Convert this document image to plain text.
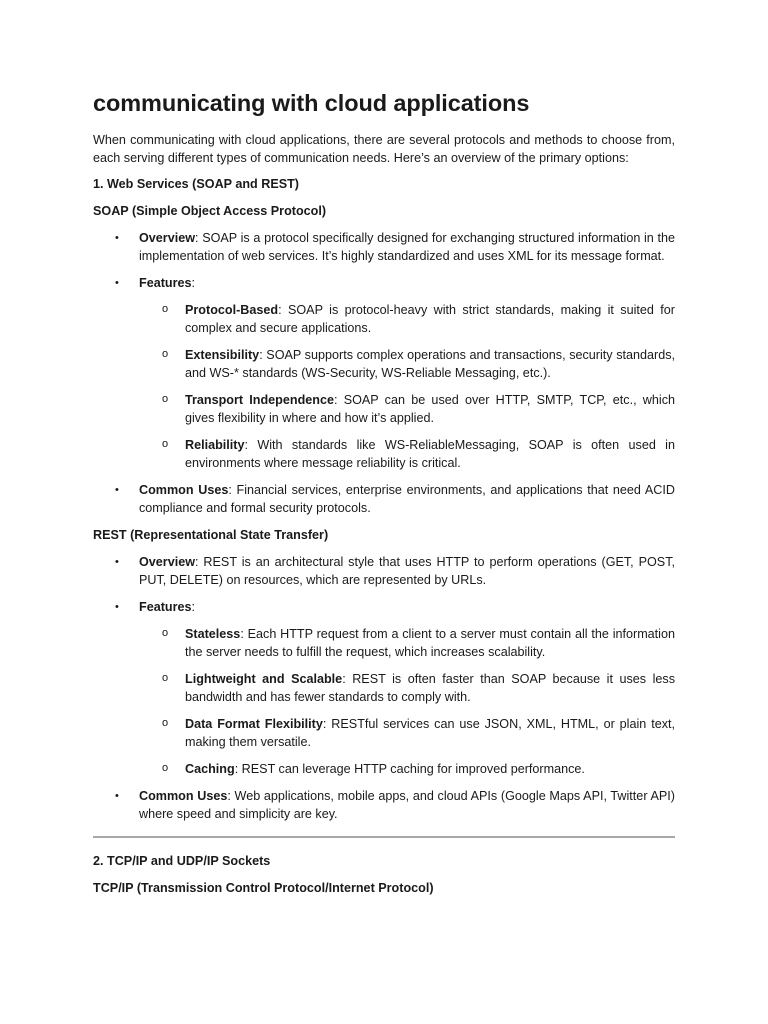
communicating with cloud applications

When communicating with cloud applications, there are several protocols and methods to choose from, each serving different types of communication needs. Here’s an overview of the primary options:

1. Web Services (SOAP and REST)

SOAP (Simple Object Access Protocol)

• Overview: SOAP is a protocol specifically designed for exchanging structured information in the implementation of web services. It’s highly standardized and uses XML for its message format.

• Features:

o Protocol-Based: SOAP is protocol-heavy with strict standards, making it suited for complex and secure applications.

o Extensibility: SOAP supports complex operations and transactions, security standards, and WS-* standards (WS-Security, WS-Reliable Messaging, etc.).

o Transport Independence: SOAP can be used over HTTP, SMTP, TCP, etc., which gives flexibility in where and how it’s applied.

o Reliability: With standards like WS-ReliableMessaging, SOAP is often used in environments where message reliability is critical.

• Common Uses: Financial services, enterprise environments, and applications that need ACID compliance and formal security protocols.

REST (Representational State Transfer)

• Overview: REST is an architectural style that uses HTTP to perform operations (GET, POST, PUT, DELETE) on resources, which are represented by URLs.

• Features:

o Stateless: Each HTTP request from a client to a server must contain all the information the server needs to fulfill the request, which increases scalability.

o Lightweight and Scalable: REST is often faster than SOAP because it uses less bandwidth and has fewer standards to comply with.

o Data Format Flexibility: RESTful services can use JSON, XML, HTML, or plain text, making them versatile.

o Caching: REST can leverage HTTP caching for improved performance.

• Common Uses: Web applications, mobile apps, and cloud APIs (Google Maps API, Twitter API) where speed and simplicity are key.

2. TCP/IP and UDP/IP Sockets

TCP/IP (Transmission Control Protocol/Internet Protocol)
